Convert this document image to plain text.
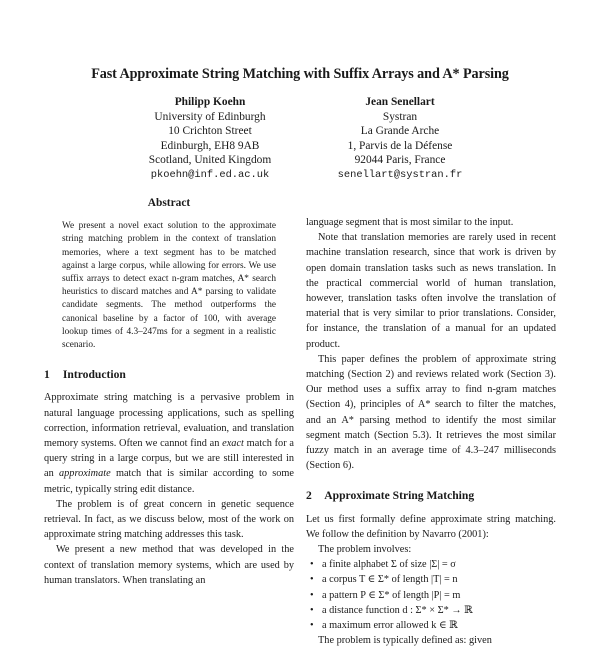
Fast Approximate String Matching with Suffix Arrays and A* Parsing
Philipp Koehn
University of Edinburgh
10 Crichton Street
Edinburgh, EH8 9AB
Scotland, United Kingdom
pkoehn@inf.ed.ac.uk
Jean Senellart
Systran
La Grande Arche
1, Parvis de la Défense
92044 Paris, France
senellart@systran.fr
Abstract
We present a novel exact solution to the approximate string matching problem in the context of translation memories, where a text segment has to be matched against a large corpus, while allowing for errors. We use suffix arrays to detect exact n-gram matches, A* search heuristics to discard matches and A* parsing to validate candidate segments. The method outperforms the canonical baseline by a factor of 100, with average lookup times of 4.3–247ms for a segment in a realistic scenario.
1 Introduction

Approximate string matching is a pervasive problem in natural language processing applications, such as spelling correction, information retrieval, evaluation, and translation memory systems. Often we cannot find an exact match for a query string in a large corpus, but we are still interested in an approximate match that is similar according to some metric, typically string edit distance.

The problem is of great concern in genetic sequence retrieval. In fact, as we discuss below, most of the work on approximate string matching addresses this task.

We present a new method that was developed in the context of translation memory systems, which are used by human translators. When translating an

language segment that is most similar to the input.

Note that translation memories are rarely used in recent machine translation research, since that work is driven by open domain translation tasks such as news translation. In the practical commercial world of human translation, however, translation tasks often involve the translation of material that is very similar to prior translations. Consider, for instance, the translation of a manual for an updated product.

This paper defines the problem of approximate string matching (Section 2) and reviews related work (Section 3). Our method uses a suffix array to find n-gram matches (Section 4), principles of A* search to filter the matches, and an A* parsing method to identify the most similar segment match (Section 5.3). It retrieves the most similar fuzzy match in an average time of 4.3–247 milliseconds (Section 6).

2 Approximate String Matching

Let us first formally define approximate string matching. We follow the definition by Navarro (2001):

The problem involves:

• a finite alphabet Σ of size |Σ| = σ
• a corpus T ∈ Σ* of length |T| = n
• a pattern P ∈ Σ* of length |P| = m
• a distance function d : Σ* × Σ* → ℝ
• a maximum error allowed k ∈ ℝ

The problem is typically defined as: given
